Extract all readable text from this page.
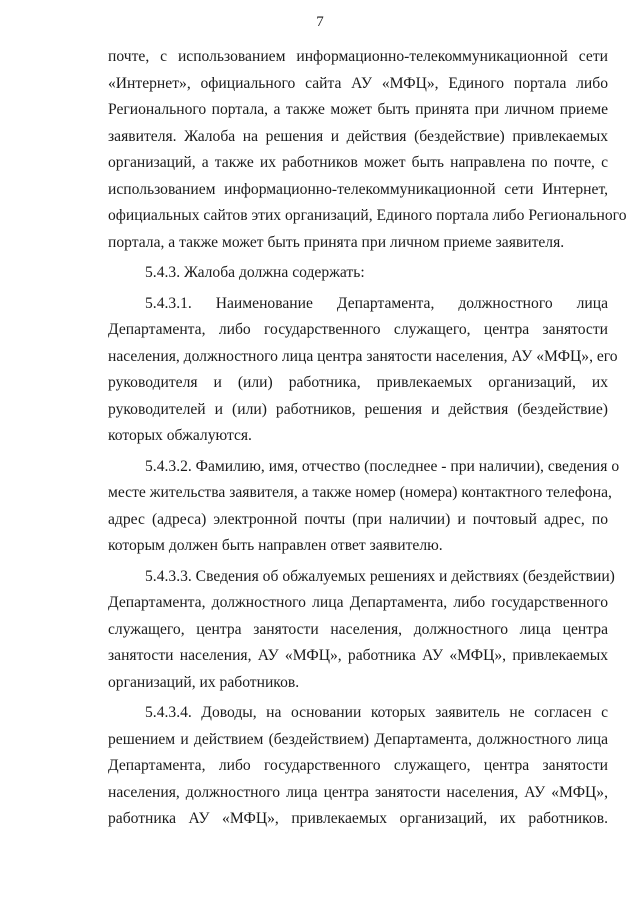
7
почте, с использованием информационно-телекоммуникационной сети
«Интернет», официального сайта АУ «МФЦ», Единого портала либо
Регионального портала, а также может быть принята при личном приеме
заявителя. Жалоба на решения и действия (бездействие) привлекаемых
организаций, а также их работников может быть направлена по почте, с
использованием информационно-телекоммуникационной сети Интернет,
официальных сайтов этих организаций, Единого портала либо Регионального
портала, а также может быть принята при личном приеме заявителя.
5.4.3. Жалоба должна содержать:
5.4.3.1. Наименование Департамента, должностного лица
Департамента, либо государственного служащего, центра занятости
населения, должностного лица центра занятости населения, АУ «МФЦ», его
руководителя и (или) работника, привлекаемых организаций, их
руководителей и (или) работников, решения и действия (бездействие)
которых обжалуются.
5.4.3.2. Фамилию, имя, отчество (последнее - при наличии), сведения о
месте жительства заявителя, а также номер (номера) контактного телефона,
адрес (адреса) электронной почты (при наличии) и почтовый адрес, по
которым должен быть направлен ответ заявителю.
5.4.3.3. Сведения об обжалуемых решениях и действиях (бездействии)
Департамента, должностного лица Департамента, либо государственного
служащего, центра занятости населения, должностного лица центра
занятости населения, АУ «МФЦ», работника АУ «МФЦ», привлекаемых
организаций, их работников.
5.4.3.4. Доводы, на основании которых заявитель не согласен с
решением и действием (бездействием) Департамента, должностного лица
Департамента, либо государственного служащего, центра занятости
населения, должностного лица центра занятости населения, АУ «МФЦ»,
работника АУ «МФЦ», привлекаемых организаций, их работников.
